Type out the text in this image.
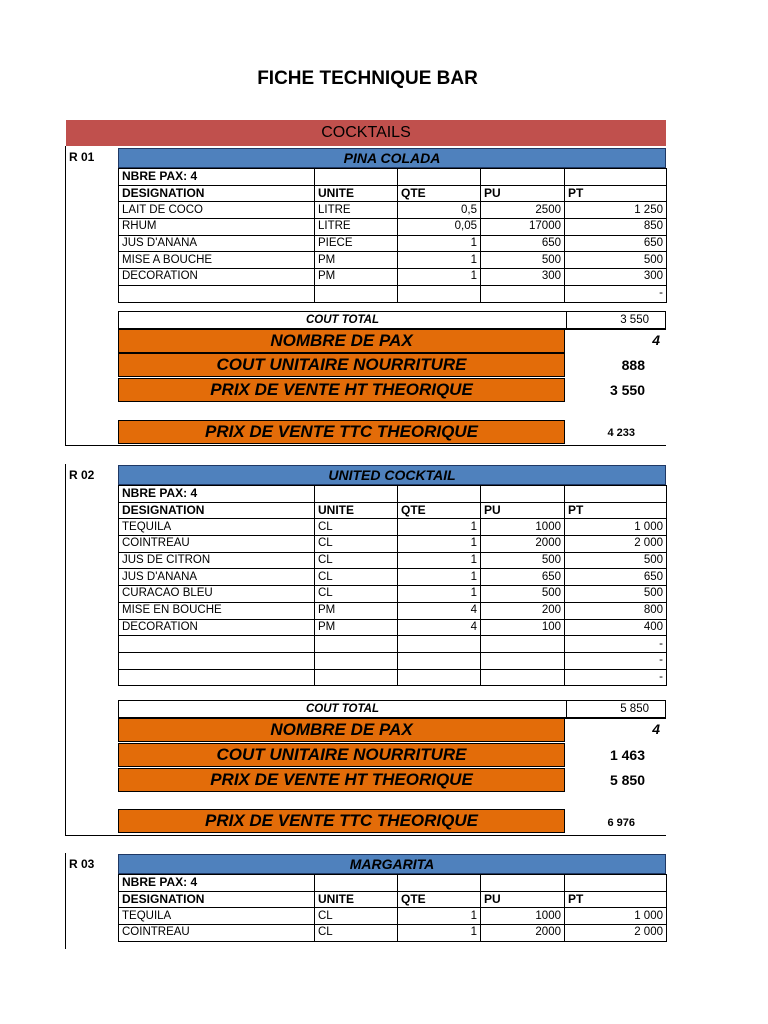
FICHE TECHNIQUE BAR
COCKTAILS
R 01	PINA COLADA
NBRE PAX: 4				
DESIGNATION	UNITE	QTE	PU	PT
LAIT DE COCO	LITRE	0,5	2500	1 250
RHUM	LITRE	0,05	17000	850
JUS D'ANANA	PIECE	1	650	650
MISE A BOUCHE	PM	1	500	500
DECORATION	PM	1	300	300
				-
COUT TOTAL	3 550
NOMBRE DE PAX	4
COUT UNITAIRE NOURRITURE	888
PRIX DE VENTE HT THEORIQUE	3 550
PRIX DE VENTE TTC THEORIQUE	4 233
R 02	UNITED COCKTAIL
NBRE PAX: 4				
DESIGNATION	UNITE	QTE	PU	PT
TEQUILA	CL	1	1000	1 000
COINTREAU	CL	1	2000	2 000
JUS DE CITRON	CL	1	500	500
JUS D'ANANA	CL	1	650	650
CURACAO BLEU	CL	1	500	500
MISE EN BOUCHE	PM	4	200	800
DECORATION	PM	4	100	400
				-
				-
				-
COUT TOTAL	5 850
NOMBRE DE PAX	4
COUT UNITAIRE NOURRITURE	1 463
PRIX DE VENTE HT THEORIQUE	5 850
PRIX DE VENTE TTC THEORIQUE	6 976
R 03	MARGARITA
NBRE PAX: 4				
DESIGNATION	UNITE	QTE	PU	PT
TEQUILA	CL	1	1000	1 000
COINTREAU	CL	1	2000	2 000
